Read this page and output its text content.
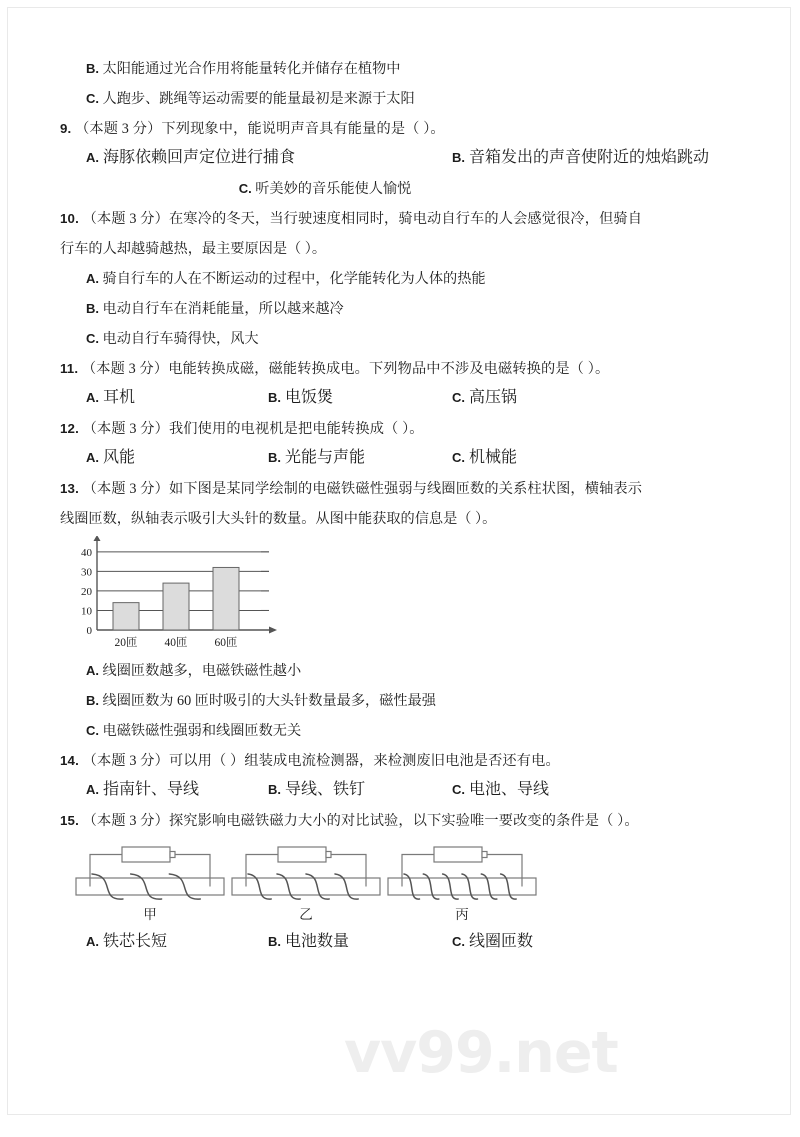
B. 太阳能通过光合作用将能量转化并储存在植物中
C. 人跑步、跳绳等运动需要的能量最初是来源于太阳
9. （本题 3 分）下列现象中，能说明声音具有能量的是（ ）。
A. 海豚依赖回声定位进行捕食	B. 音箱发出的声音使附近的烛焰跳动
C. 听美妙的音乐能使人愉悦
10. （本题 3 分）在寒冷的冬天，当行驶速度相同时，骑电动自行车的人会感觉很冷，但骑自
行车的人却越骑越热，最主要原因是（ ）。
A. 骑自行车的人在不断运动的过程中，化学能转化为人体的热能
B. 电动自行车在消耗能量，所以越来越冷
C. 电动自行车骑得快，风大
11. （本题 3 分）电能转换成磁，磁能转换成电。下列物品中不涉及电磁转换的是（ ）。
A. 耳机	B. 电饭煲	C. 高压锅
12. （本题 3 分）我们使用的电视机是把电能转换成（ ）。
A. 风能	B. 光能与声能	C. 机械能
13. （本题 3 分）如下图是某同学绘制的电磁铁磁性强弱与线圈匝数的关系柱状图，横轴表示
线圈匝数，纵轴表示吸引大头针的数量。从图中能获取的信息是（ ）。
0
10
20
30
40
20匝 40匝 60匝
A. 线圈匝数越多，电磁铁磁性越小
B. 线圈匝数为 60 匝时吸引的大头针数量最多，磁性最强
C. 电磁铁磁性强弱和线圈匝数无关
14. （本题 3 分）可以用（ ）组装成电流检测器，来检测废旧电池是否还有电。
A. 指南针、导线	B. 导线、铁钉	C. 电池、导线
15. （本题 3 分）探究影响电磁铁磁力大小的对比试验，以下实验唯一要改变的条件是（ ）。
甲	乙	丙
A. 铁芯长短	B. 电池数量	C. 线圈匝数
vv99.net
